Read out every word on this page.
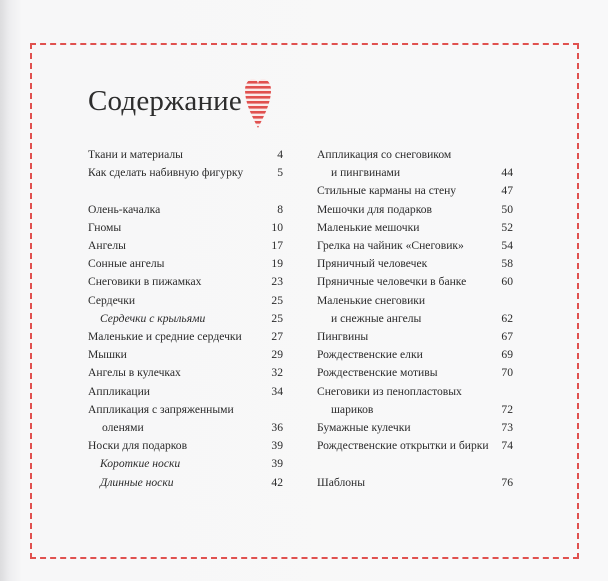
Содержание
Ткани и материалы	4
Как сделать набивную фигурку	5
Олень-качалка	8
Гномы	10
Ангелы	17
Сонные ангелы	19
Снеговики в пижамках	23
Сердечки	25
Сердечки с крыльями	25
Маленькие и средние сердечки	27
Мышки	29
Ангелы в кулечках	32
Аппликации	34
Аппликация с запряженными
оленями	36
Носки для подарков	39
Короткие носки	39
Длинные носки	42
Аппликация со снеговиком
и пингвинами	44
Стильные карманы на стену	47
Мешочки для подарков	50
Маленькие мешочки	52
Грелка на чайник «Снеговик»	54
Пряничный человечек	58
Пряничные человечки в банке	60
Маленькие снеговики
и снежные ангелы	62
Пингвины	67
Рождественские елки	69
Рождественские мотивы	70
Снеговики из пенопластовых
шариков	72
Бумажные кулечки	73
Рождественские открытки и бирки 74
Шаблоны	76
